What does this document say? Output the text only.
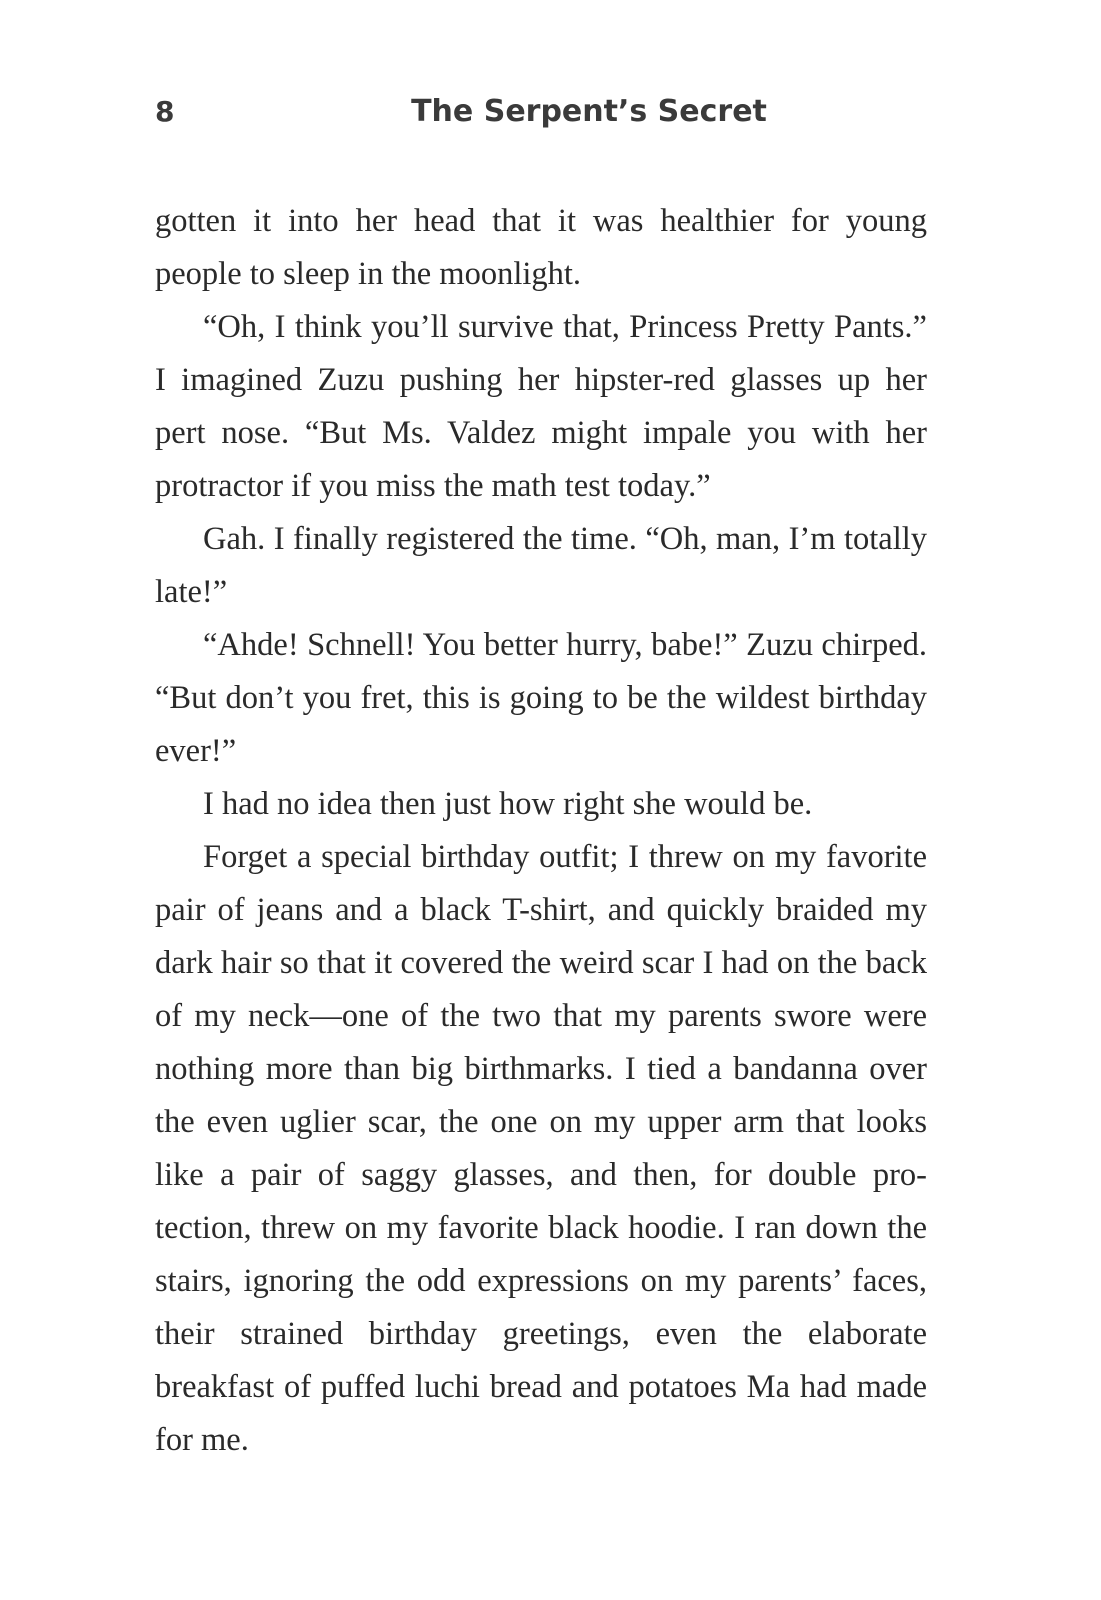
8	The Serpent’s Secret

gotten it into her head that it was healthier for young people to sleep in the moonlight.

“Oh, I think you’ll survive that, Princess Pretty Pants.” I imagined Zuzu pushing her hipster-red glasses up her pert nose. “But Ms. Valdez might impale you with her protractor if you miss the math test today.”

Gah. I finally registered the time. “Oh, man, I’m totally late!”

“Ahde! Schnell! You better hurry, babe!” Zuzu chirped. “But don’t you fret, this is going to be the wildest birthday ever!”

I had no idea then just how right she would be.

Forget a special birthday outfit; I threw on my favorite pair of jeans and a black T-shirt, and quickly braided my dark hair so that it covered the weird scar I had on the back of my neck—one of the two that my parents swore were nothing more than big birthmarks. I tied a bandanna over the even uglier scar, the one on my upper arm that looks like a pair of saggy glasses, and then, for double protection, threw on my favorite black hoodie. I ran down the stairs, ignoring the odd expressions on my parents’ faces, their strained birthday greetings, even the elaborate breakfast of puffed luchi bread and potatoes Ma had made for me.
